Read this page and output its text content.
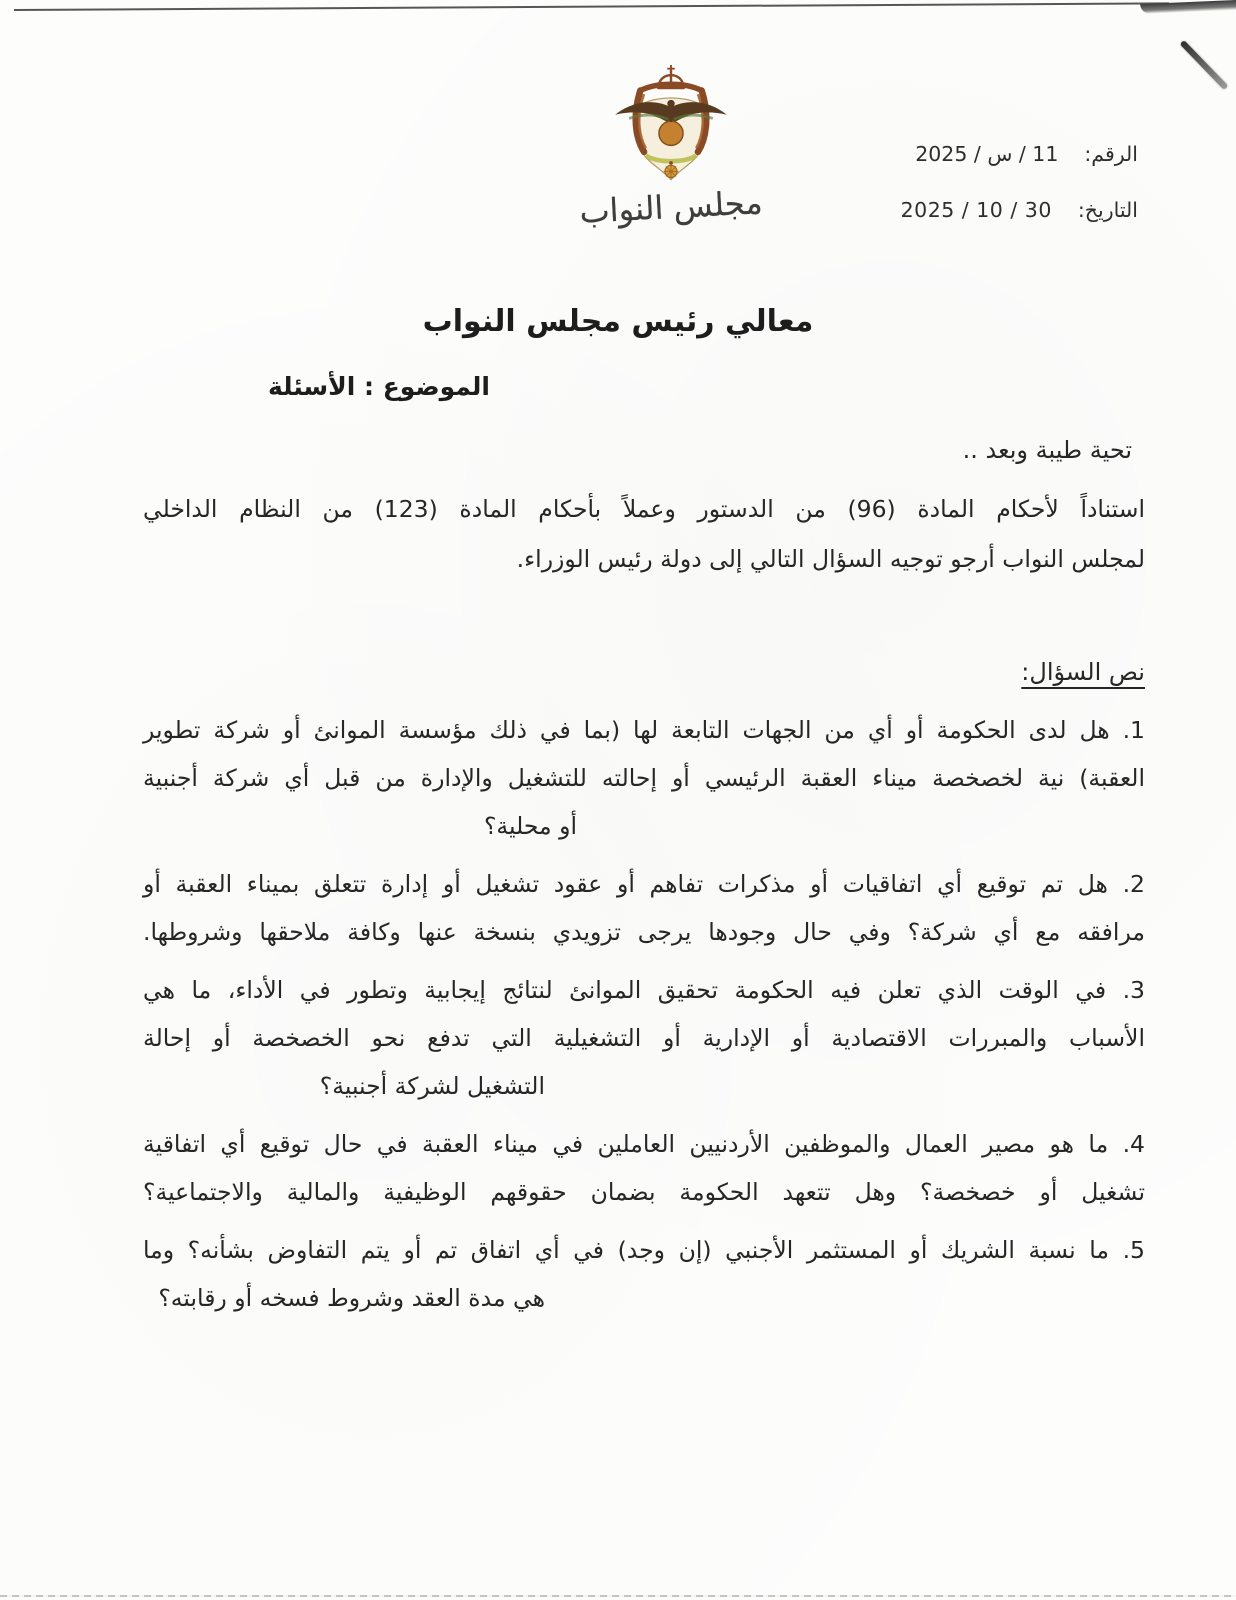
الرقم:
11 / س / 2025
التاريخ:
30 / 10 / 2025
مجلس النواب
معالي رئيس مجلس النواب
الموضوع : الأسئلة
تحية طيبة وبعد ..
استناداً لأحكام المادة (96) من الدستور وعملاً بأحكام المادة (123) من النظام الداخلي
لمجلس النواب أرجو توجيه السؤال التالي إلى دولة رئيس الوزراء.
نص السؤال:
1. هل لدى الحكومة أو أي من الجهات التابعة لها (بما في ذلك مؤسسة الموانئ أو شركة تطوير
العقبة) نية لخصخصة ميناء العقبة الرئيسي أو إحالته للتشغيل والإدارة من قبل أي شركة أجنبية
أو محلية؟
2. هل تم توقيع أي اتفاقيات أو مذكرات تفاهم أو عقود تشغيل أو إدارة تتعلق بميناء العقبة أو
مرافقه مع أي شركة؟ وفي حال وجودها يرجى تزويدي بنسخة عنها وكافة ملاحقها وشروطها.
3. في الوقت الذي تعلن فيه الحكومة تحقيق الموانئ لنتائج إيجابية وتطور في الأداء، ما هي
الأسباب والمبررات الاقتصادية أو الإدارية أو التشغيلية التي تدفع نحو الخصخصة أو إحالة
التشغيل لشركة أجنبية؟
4. ما هو مصير العمال والموظفين الأردنيين العاملين في ميناء العقبة في حال توقيع أي اتفاقية
تشغيل أو خصخصة؟ وهل تتعهد الحكومة بضمان حقوقهم الوظيفية والمالية والاجتماعية؟
5. ما نسبة الشريك أو المستثمر الأجنبي (إن وجد) في أي اتفاق تم أو يتم التفاوض بشأنه؟ وما
هي مدة العقد وشروط فسخه أو رقابته؟
